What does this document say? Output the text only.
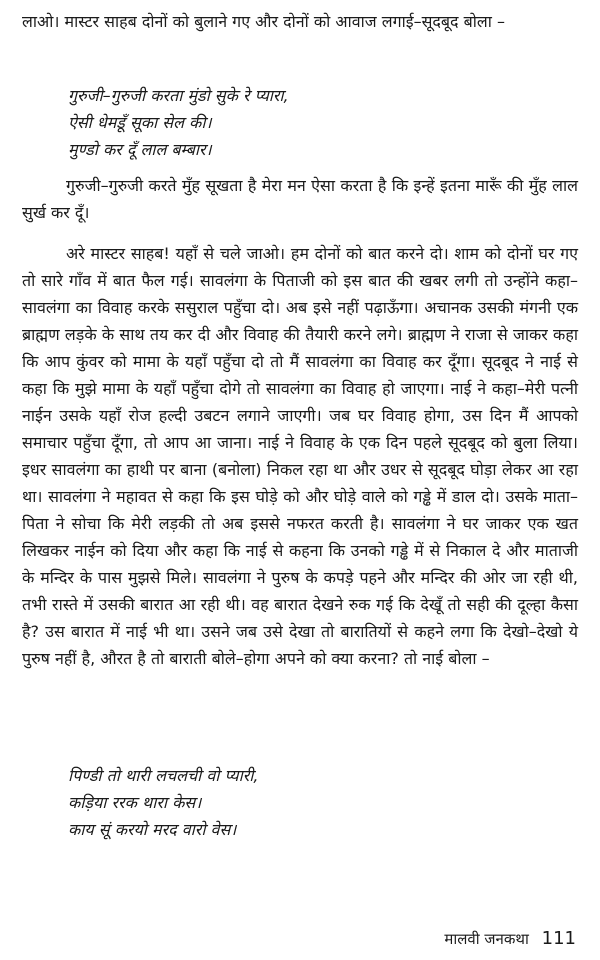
लाओ। मास्टर साहब दोनों को बुलाने गए और दोनों को आवाज लगाई–सूदबूद बोला –

गुरुजी–गुरुजी करता मुंडो सुके रे प्यारा,
ऐसी धेमडूँ सूका सेल की।
मुण्डो कर दूँ लाल बम्बार।

गुरुजी–गुरुजी करते मुँह सूखता है मेरा मन ऐसा करता है कि इन्हें इतना मारूँ की मुँह लाल सुर्ख कर दूँ।

अरे मास्टर साहब! यहाँ से चले जाओ। हम दोनों को बात करने दो। शाम को दोनों घर गए तो सारे गाँव में बात फैल गई। सावलंगा के पिताजी को इस बात की खबर लगी तो उन्होंने कहा–सावलंगा का विवाह करके ससुराल पहुँचा दो। अब इसे नहीं पढ़ाऊँगा। अचानक उसकी मंगनी एक ब्राह्मण लड़के के साथ तय कर दी और विवाह की तैयारी करने लगे। ब्राह्मण ने राजा से जाकर कहा कि आप कुंवर को मामा के यहाँ पहुँचा दो तो मैं सावलंगा का विवाह कर दूँगा। सूदबूद ने नाई से कहा कि मुझे मामा के यहाँ पहुँचा दोगे तो सावलंगा का विवाह हो जाएगा। नाई ने कहा–मेरी पत्नी नाईन उसके यहाँ रोज हल्दी उबटन लगाने जाएगी। जब घर विवाह होगा, उस दिन मैं आपको समाचार पहुँचा दूँगा, तो आप आ जाना। नाई ने विवाह के एक दिन पहले सूदबूद को बुला लिया। इधर सावलंगा का हाथी पर बाना (बनोला) निकल रहा था और उधर से सूदबूद घोड़ा लेकर आ रहा था। सावलंगा ने महावत से कहा कि इस घोड़े को और घोड़े वाले को गड्ढे में डाल दो। उसके माता–पिता ने सोचा कि मेरी लड़की तो अब इससे नफरत करती है। सावलंगा ने घर जाकर एक खत लिखकर नाईन को दिया और कहा कि नाई से कहना कि उनको गड्ढे में से निकाल दे और माताजी के मन्दिर के पास मुझसे मिले। सावलंगा ने पुरुष के कपड़े पहने और मन्दिर की ओर जा रही थी, तभी रास्ते में उसकी बारात आ रही थी। वह बारात देखने रुक गई कि देखूँ तो सही की दूल्हा कैसा है? उस बारात में नाई भी था। उसने जब उसे देखा तो बारातियों से कहने लगा कि देखो–देखो ये पुरुष नहीं है, औरत है तो बाराती बोले–होगा अपने को क्या करना? तो नाई बोला –

पिण्डी तो थारी लचलची वो प्यारी,
कड़िया ररक थारा केस।
काय सूं करयो मरद वारो वेस।
मालवी जनकथा 111
